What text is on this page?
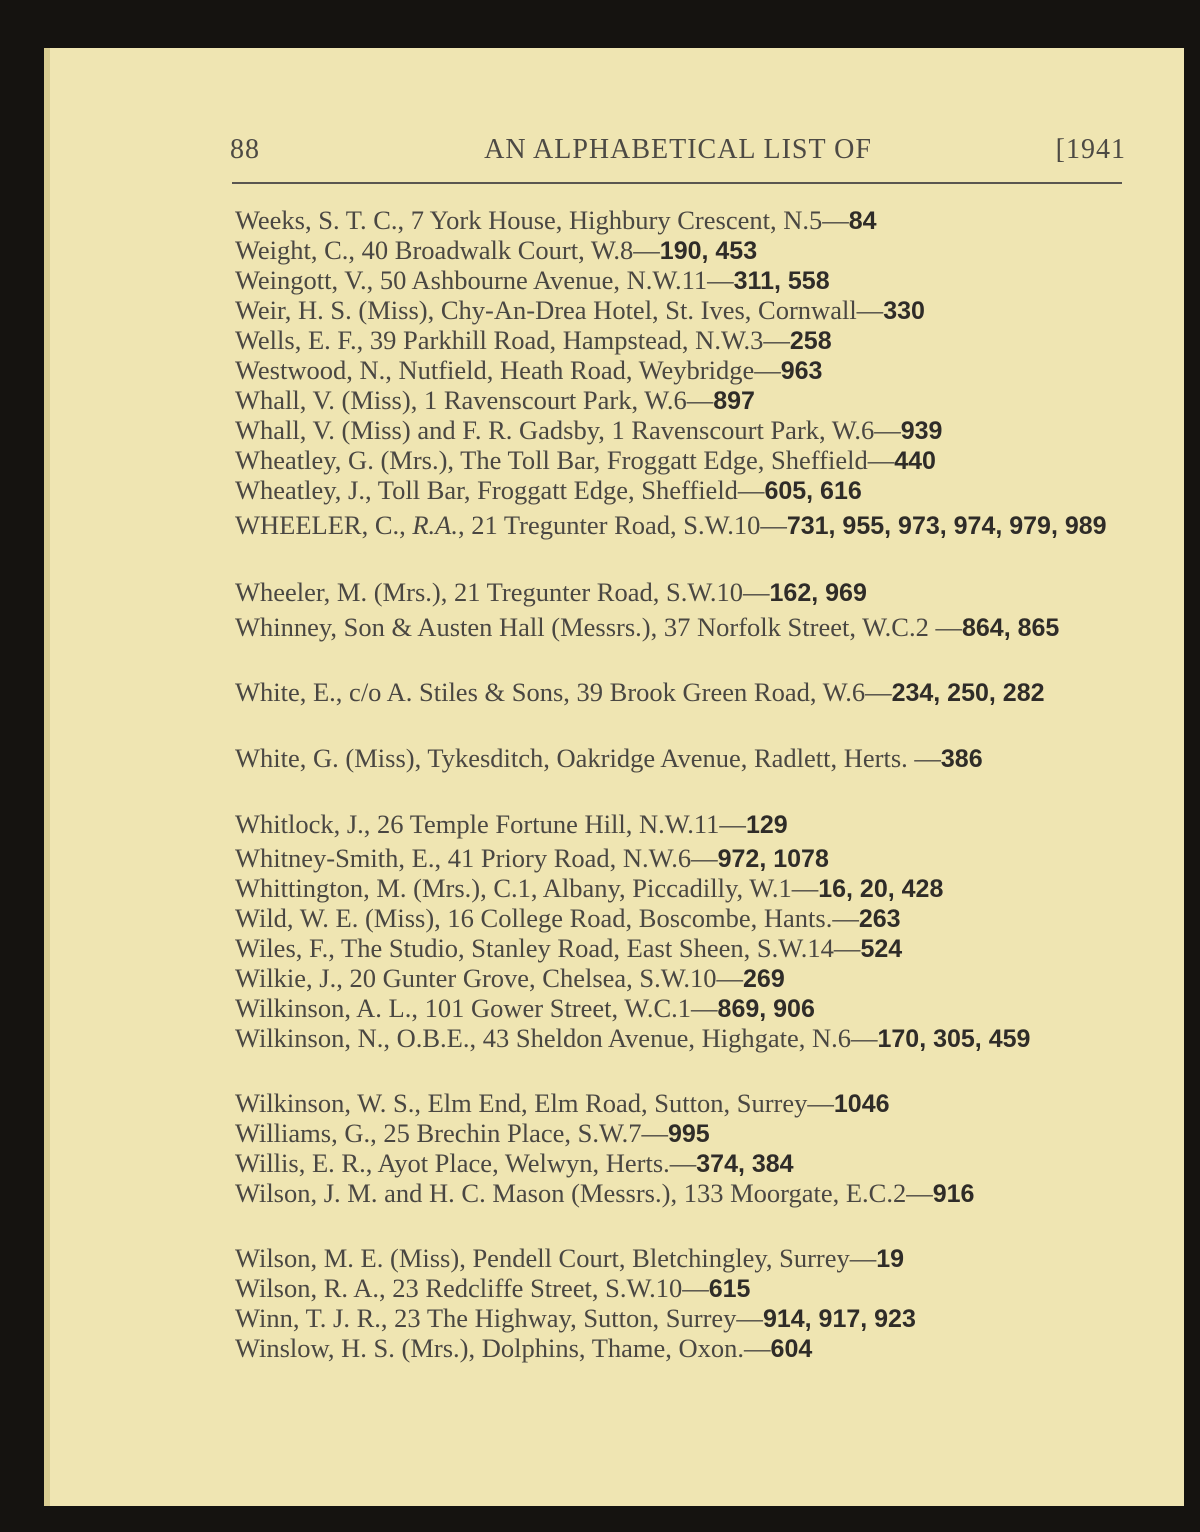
88	AN ALPHABETICAL LIST OF	[1941
Weeks, S. T. C., 7 York House, Highbury Crescent, N.5—84
Weight, C., 40 Broadwalk Court, W.8—190, 453
Weingott, V., 50 Ashbourne Avenue, N.W.11—311, 558
Weir, H. S. (Miss), Chy-An-Drea Hotel, St. Ives, Cornwall—330
Wells, E. F., 39 Parkhill Road, Hampstead, N.W.3—258
Westwood, N., Nutfield, Heath Road, Weybridge—963
Whall, V. (Miss), 1 Ravenscourt Park, W.6—897
Whall, V. (Miss) and F. R. Gadsby, 1 Ravenscourt Park, W.6—939
Wheatley, G. (Mrs.), The Toll Bar, Froggatt Edge, Sheffield—440
Wheatley, J., Toll Bar, Froggatt Edge, Sheffield—605, 616
WHEELER, C., R.A., 21 Tregunter Road, S.W.10—731, 955, 973, 974, 979, 989
Wheeler, M. (Mrs.), 21 Tregunter Road, S.W.10—162, 969
Whinney, Son & Austen Hall (Messrs.), 37 Norfolk Street, W.C.2 —864, 865
White, E., c/o A. Stiles & Sons, 39 Brook Green Road, W.6—234, 250, 282
White, G. (Miss), Tykesditch, Oakridge Avenue, Radlett, Herts. —386
Whitlock, J., 26 Temple Fortune Hill, N.W.11—129
Whitney-Smith, E., 41 Priory Road, N.W.6—972, 1078
Whittington, M. (Mrs.), C.1, Albany, Piccadilly, W.1—16, 20, 428
Wild, W. E. (Miss), 16 College Road, Boscombe, Hants.—263
Wiles, F., The Studio, Stanley Road, East Sheen, S.W.14—524
Wilkie, J., 20 Gunter Grove, Chelsea, S.W.10—269
Wilkinson, A. L., 101 Gower Street, W.C.1—869, 906
Wilkinson, N., O.B.E., 43 Sheldon Avenue, Highgate, N.6—170, 305, 459
Wilkinson, W. S., Elm End, Elm Road, Sutton, Surrey—1046
Williams, G., 25 Brechin Place, S.W.7—995
Willis, E. R., Ayot Place, Welwyn, Herts.—374, 384
Wilson, J. M. and H. C. Mason (Messrs.), 133 Moorgate, E.C.2—916
Wilson, M. E. (Miss), Pendell Court, Bletchingley, Surrey—19
Wilson, R. A., 23 Redcliffe Street, S.W.10—615
Winn, T. J. R., 23 The Highway, Sutton, Surrey—914, 917, 923
Winslow, H. S. (Mrs.), Dolphins, Thame, Oxon.—604
